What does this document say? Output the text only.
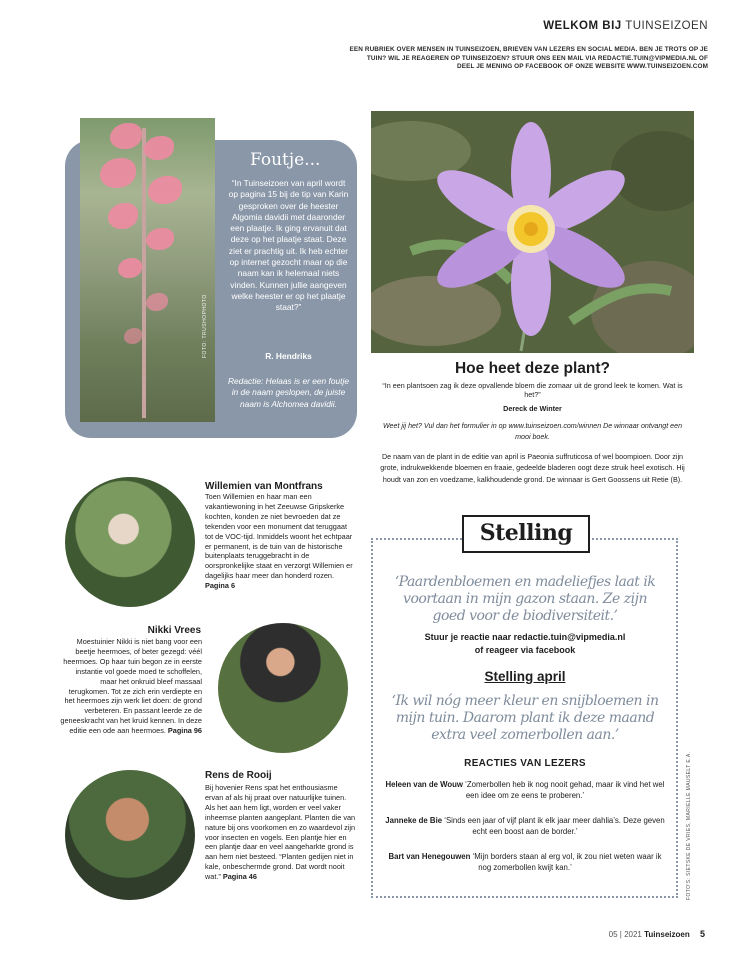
WELKOM BIJ TUINSEIZOEN
EEN RUBRIEK OVER MENSEN IN TUINSEIZOEN, BRIEVEN VAN LEZERS EN SOCIAL MEDIA. BEN JE TROTS OP JE TUIN? WIL JE REAGEREN OP TUINSEIZOEN? STUUR ONS EEN MAIL VIA REDACTIE.TUIN@VIPMEDIA.NL OF DEEL JE MENING OP FACEBOOK OF ONZE WEBSITE WWW.TUINSEIZOEN.COM
FOTO: TRUSHOPHOTO
Foutje...
“In Tuinseizoen van april wordt op pagina 15 bij de tip van Karin gesproken over de heester Algomia davidii met daaronder een plaatje. Ik ging ervanuit dat deze op het plaatje staat. Deze ziet er prachtig uit. Ik heb echter op internet gezocht maar op die naam kan ik helemaal niets vinden. Kunnen jullie aangeven welke heester er op het plaatje staat?”
R. Hendriks
Redactie: Helaas is er een foutje in de naam geslopen, de juiste naam is Alchomea davidii.
Hoe heet deze plant?
“In een plantsoen zag ik deze opvallende bloem die zomaar uit de grond leek te komen. Wat is het?”
Dereck de Winter
Weet jij het? Vul dan het formulier in op www.tuinseizoen.com/winnen De winnaar ontvangt een mooi boek.
De naam van de plant in de editie van april is Paeonia suffruticosa of wel boompioen. Door zijn grote, indrukwekkende bloemen en fraaie, gedeelde bladeren oogt deze struik heel exotisch. Hij houdt van zon en voedzame, kalkhoudende grond. De winnaar is Gert Goossens uit Retie (B).
Willemien van Montfrans
Toen Willemien en haar man een vakantiewoning in het Zeeuwse Gripskerke kochten, konden ze niet bevroeden dat ze tekenden voor een monument dat teruggaat tot de VOC-tijd. Inmiddels woont het echtpaar er permanent, is de tuin van de historische buitenplaats teruggebracht in de oorspronkelijke staat en verzorgt Willemien er dagelijks haar meer dan honderd rozen. Pagina 6
Nikki Vrees
Moestuinier Nikki is niet bang voor een beetje heermoes, of beter gezegd: véél heermoes. Op haar tuin begon ze in eerste instantie vol goede moed te schoffelen, maar het onkruid bleef massaal terugkomen. Tot ze zich erin verdiepte en het heermoes zijn werk liet doen: de grond verbeteren. En passant leerde ze de geneeskracht van het kruid kennen. In deze editie een ode aan heermoes. Pagina 96
Rens de Rooij
Bij hovenier Rens spat het enthousiasme ervan af als hij praat over natuurlijke tuinen. Als het aan hem ligt, worden er veel vaker inheemse planten aangeplant. Planten die van nature bij ons voorkomen en zo waardevol zijn voor insecten en vogels. Een plantje hier en een plantje daar en veel aangeharkte grond is aan hem niet besteed. “Planten gedijen niet in kale, onbeschermde grond. Dat wordt nooit wat.” Pagina 46
Stelling
‘Paardenbloemen en madeliefjes laat ik voortaan in mijn gazon staan. Ze zijn goed voor de biodiversiteit.’
Stuur je reactie naar redactie.tuin@vipmedia.nl
of reageer via facebook
Stelling april
‘Ik wil nóg meer kleur en snijbloemen in mijn tuin. Daarom plant ik deze maand extra veel zomerbollen aan.’
REACTIES VAN LEZERS
Heleen van de Wouw ‘Zomerbollen heb ik nog nooit gehad, maar ik vind het wel een idee om ze eens te proberen.’
Janneke de Bie ‘Sinds een jaar of vijf plant ik elk jaar meer dahlia’s. Deze geven echt een boost aan de border.’
Bart van Henegouwen ‘Mijn borders staan al erg vol, ik zou niet weten waar ik nog zomerbollen kwijt kan.’	FOTO'S: SIETSKE DE VRIES, MARIELLE MAUSELT E.A.
05 | 2021 Tuinseizoen 5
